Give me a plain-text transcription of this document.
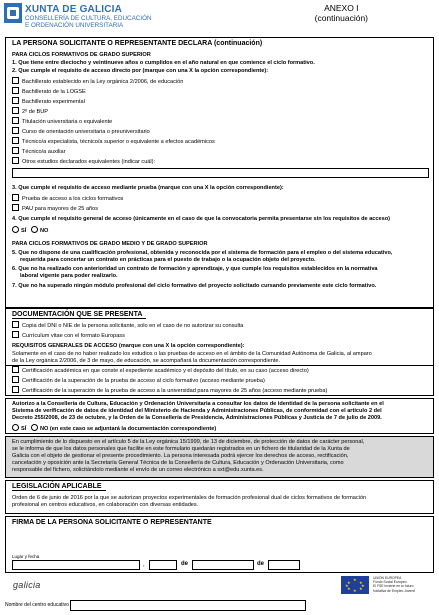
XUNTA DE GALICIA
CONSELLERÍA DE CULTURA, EDUCACIÓN
E ORDENACIÓN UNIVERSITARIA
ANEXO I
(continuación)
LA PERSONA SOLICITANTE O REPRESENTANTE DECLARA (continuación)
PARA CICLOS FORMATIVOS DE GRADO SUPERIOR
1. Que tiene entre dieciocho y veintinueve años o cumplidos en el año natural en que comience el ciclo formativo.
2. Que cumple el requisito de acceso directo por (marque con una X la opción correspondiente):
Bachillerato establecido en la Ley orgánica 2/2006, de educación
Bachillerato de la LOGSE
Bachillerato experimental
2º de BUP
Titulación universitaria o equivalente
Curso de orientación universitaria o preuniversitario
Técnico/a especialista, técnico/a superior o equivalente a efectos académicos
Técnico/a auxiliar
Otros estudios declarados equivalentes (indicar cuál):
3. Que cumple el requisito de acceso mediante prueba (marque con una X la opción correspondiente):
Prueba de acceso a los ciclos formativos
PAU para mayores de 25 años
4. Que cumple el requisito general de acceso (únicamente en el caso de que la convocatoria permita presentarse sin los requisitos de acceso)
SÍ NO
PARA CICLOS FORMATIVOS DE GRADO MEDIO Y DE GRADO SUPERIOR
5. Que no dispone de una cualificación profesional, obtenida y reconocida por el sistema de formación para el empleo o del sistema educativo,
requerida para concertar un contrato en prácticas para el puesto de trabajo o la ocupación objeto del proyecto.
6. Que no ha realizado con anterioridad un contrato de formación y aprendizaje, y que cumple los requisitos establecidos en la normativa
laboral vigente para poder realizarlo.
7. Que no ha superado ningún módulo profesional del ciclo formativo del proyecto solicitado cursando previamente este ciclo formativo.
DOCUMENTACIÓN QUE SE PRESENTA
Copia del DNI o NIE de la persona solicitante, solo en el caso de no autorizar su consulta
Currículum vitae con el formato Europass
REQUISITOS GENERALES DE ACCESO (marque con una X la opción correspondiente):
Solamente en el caso de no haber realizado los estudios o las pruebas de acceso en el ámbito de la Comunidad Autónoma de Galicia, al amparo
de la Ley orgánica 2/2006, de 3 de mayo, de educación, se acompañará la documentación correspondiente.
Certificación académica en que conste el expediente académico y el depósito del título, en su caso (acceso directo)
Certificación de la superación de la prueba de acceso al ciclo formativo (acceso mediante prueba)
Certificación de la superación de la prueba de acceso a la universidad para mayores de 25 años (acceso mediante prueba)
Autorizo a la Consellería de Cultura, Educación y Ordenación Universitaria a consultar los datos de identidad de la persona solicitante en el
Sistema de verificación de datos de identidad del Ministerio de Hacienda y Administraciones Públicas, de conformidad con el artículo 2 del
Decreto 255/2008, de 23 de octubre, y la Orden de la Consellería de Presidencia, Administraciones Públicas y Justicia de 7 de julio de 2009.
SÍ NO (en este caso se adjuntará la documentación correspondiente)
En cumplimiento de lo dispuesto en el artículo 5 de la Ley orgánica 15/1999, de 13 de diciembre, de protección de datos de carácter personal,
se le informa de que los datos personales que facilite en este formulario quedarán registrados en un fichero de titularidad de la Xunta de
Galicia con el objeto de gestionar el presente procedimiento. La persona interesada podrá ejercer los derechos de acceso, rectificación,
cancelación y oposición ante la Secretaría General Técnica de la Consellería de Cultura, Educación y Ordenación Universitaria, como
responsable del fichero, solicitándolo mediante el envío de un correo electrónico a sxt@edu.xunta.es.
LEGISLACIÓN APLICABLE
Orden de 6 de junio de 2016 por la que se autorizan proyectos experimentales de formación profesional dual de ciclos formativos de formación
profesional en centros educativos, en colaboración con diversas entidades.
FIRMA DE LA PERSONA SOLICITANTE O REPRESENTANTE
Lugar y fecha
,	de	de
galicia
★
★ ★
★	★
★ ★
★
UNIÓN EUROPEA
Fondo Social Europeo
El FSE invierte en tu futuro
Iniciativa de Empleo Juvenil
Nombre del centro educativo
